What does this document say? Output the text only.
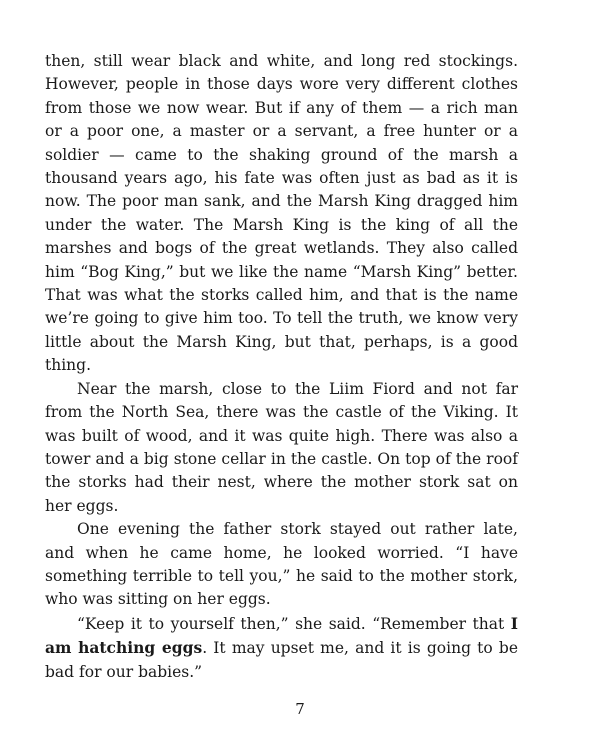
then, still wear black and white, and long red stockings. However, people in those days wore very different clothes from those we now wear. But if any of them — a rich man or a poor one, a master or a servant, a free hunter or a soldier — came to the shaking ground of the marsh a thousand years ago, his fate was often just as bad as it is now. The poor man sank, and the Marsh King dragged him under the water. The Marsh King is the king of all the marshes and bogs of the great wetlands. They also called him “Bog King,” but we like the name “Marsh King” better. That was what the storks called him, and that is the name we’re going to give him too. To tell the truth, we know very little about the Marsh King, but that, perhaps, is a good thing.

Near the marsh, close to the Liim Fiord and not far from the North Sea, there was the castle of the Viking. It was built of wood, and it was quite high. There was also a tower and a big stone cellar in the castle. On top of the roof the storks had their nest, where the mother stork sat on her eggs.

One evening the father stork stayed out rather late, and when he came home, he looked worried. “I have something terrible to tell you,” he said to the mother stork, who was sitting on her eggs.

“Keep it to yourself then,” she said. “Remember that I am hatching eggs. It may upset me, and it is going to be bad for our babies.”

7
